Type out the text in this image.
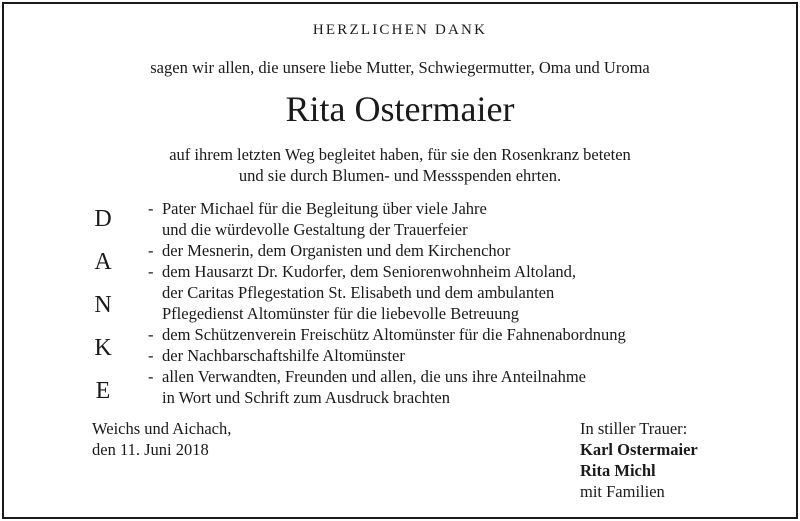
HERZLICHEN DANK
sagen wir allen, die unsere liebe Mutter, Schwiegermutter, Oma und Uroma
Rita Ostermaier
auf ihrem letzten Weg begleitet haben, für sie den Rosenkranz beteten
und sie durch Blumen- und Messspenden ehrten.
D
A
N
K
E
- Pater Michael für die Begleitung über viele Jahre
und die würdevolle Gestaltung der Trauerfeier
- der Mesnerin, dem Organisten und dem Kirchenchor
- dem Hausarzt Dr. Kudorfer, dem Seniorenwohnheim Altoland,
der Caritas Pflegestation St. Elisabeth und dem ambulanten
Pflegedienst Altomünster für die liebevolle Betreuung
- dem Schützenverein Freischütz Altomünster für die Fahnenabordnung
- der Nachbarschaftshilfe Altomünster
- allen Verwandten, Freunden und allen, die uns ihre Anteilnahme
in Wort und Schrift zum Ausdruck brachten
Weichs und Aichach,
den 11. Juni 2018
In stiller Trauer:
Karl Ostermaier
Rita Michl
mit Familien
